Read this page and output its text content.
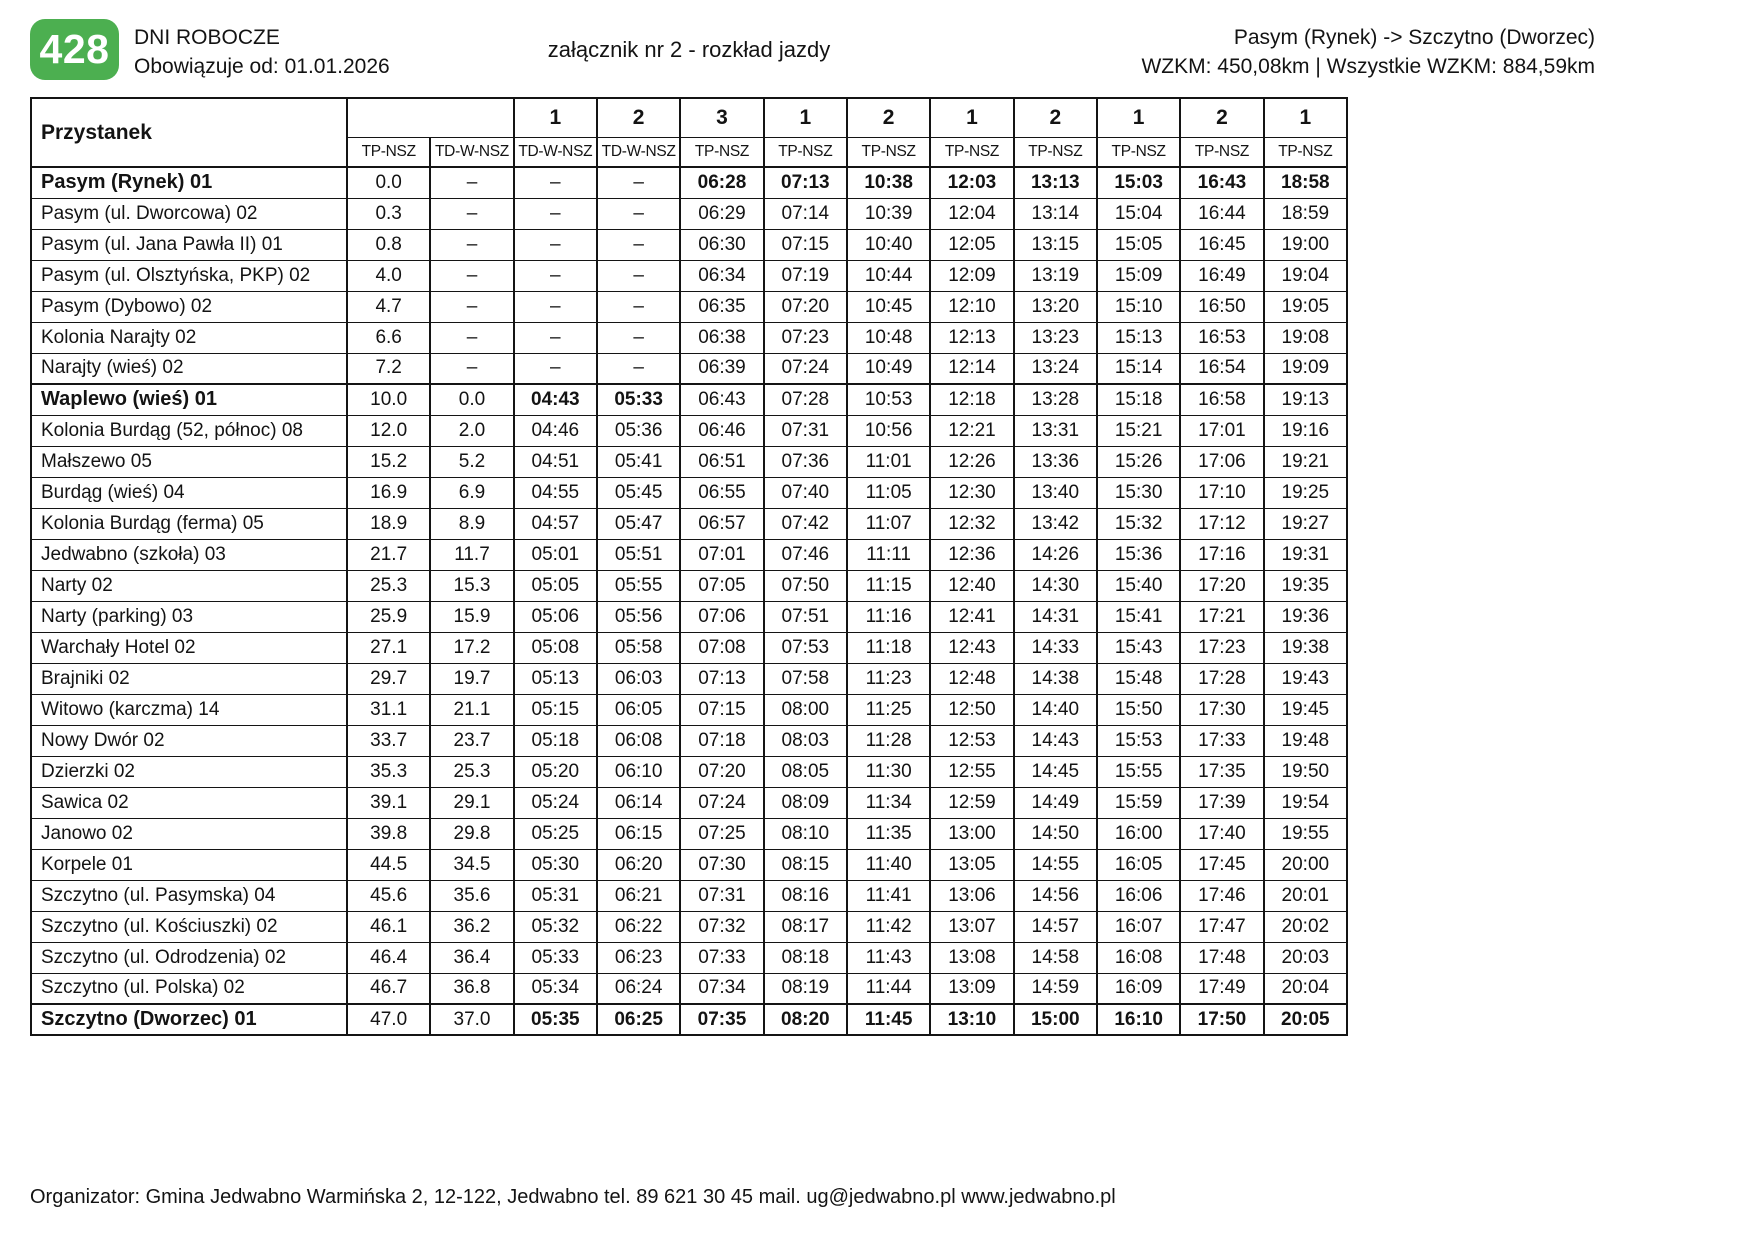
428 DNI ROBOCZE
Obowiązuje od: 01.01.2026
załącznik nr 2 - rozkład jazdy	Pasym (Rynek) -> Szczytno (Dworzec)
WZKM: 450,08km | Wszystkie WZKM: 884,59km
Przystanek			1	2	3	1	2	1	2	1	2	1
	TP-NSZ	TD-W-NSZ	TD-W-NSZ	TD-W-NSZ	TP-NSZ	TP-NSZ	TP-NSZ	TP-NSZ	TP-NSZ	TP-NSZ	TP-NSZ	TP-NSZ
Pasym (Rynek) 01	0.0	–	–	–	06:28	07:13	10:38	12:03	13:13	15:03	16:43	18:58
Pasym (ul. Dworcowa) 02	0.3	–	–	–	06:29	07:14	10:39	12:04	13:14	15:04	16:44	18:59
Pasym (ul. Jana Pawła II) 01	0.8	–	–	–	06:30	07:15	10:40	12:05	13:15	15:05	16:45	19:00
Pasym (ul. Olsztyńska, PKP) 02	4.0	–	–	–	06:34	07:19	10:44	12:09	13:19	15:09	16:49	19:04
Pasym (Dybowo) 02	4.7	–	–	–	06:35	07:20	10:45	12:10	13:20	15:10	16:50	19:05
Kolonia Narajty 02	6.6	–	–	–	06:38	07:23	10:48	12:13	13:23	15:13	16:53	19:08
Narajty (wieś) 02	7.2	–	–	–	06:39	07:24	10:49	12:14	13:24	15:14	16:54	19:09
Waplewo (wieś) 01	10.0	0.0	04:43	05:33	06:43	07:28	10:53	12:18	13:28	15:18	16:58	19:13
Kolonia Burdąg (52, północ) 08	12.0	2.0	04:46	05:36	06:46	07:31	10:56	12:21	13:31	15:21	17:01	19:16
Małszewo 05	15.2	5.2	04:51	05:41	06:51	07:36	11:01	12:26	13:36	15:26	17:06	19:21
Burdąg (wieś) 04	16.9	6.9	04:55	05:45	06:55	07:40	11:05	12:30	13:40	15:30	17:10	19:25
Kolonia Burdąg (ferma) 05	18.9	8.9	04:57	05:47	06:57	07:42	11:07	12:32	13:42	15:32	17:12	19:27
Jedwabno (szkoła) 03	21.7	11.7	05:01	05:51	07:01	07:46	11:11	12:36	14:26	15:36	17:16	19:31
Narty 02	25.3	15.3	05:05	05:55	07:05	07:50	11:15	12:40	14:30	15:40	17:20	19:35
Narty (parking) 03	25.9	15.9	05:06	05:56	07:06	07:51	11:16	12:41	14:31	15:41	17:21	19:36
Warchały Hotel 02	27.1	17.2	05:08	05:58	07:08	07:53	11:18	12:43	14:33	15:43	17:23	19:38
Brajniki 02	29.7	19.7	05:13	06:03	07:13	07:58	11:23	12:48	14:38	15:48	17:28	19:43
Witowo (karczma) 14	31.1	21.1	05:15	06:05	07:15	08:00	11:25	12:50	14:40	15:50	17:30	19:45
Nowy Dwór 02	33.7	23.7	05:18	06:08	07:18	08:03	11:28	12:53	14:43	15:53	17:33	19:48
Dzierzki 02	35.3	25.3	05:20	06:10	07:20	08:05	11:30	12:55	14:45	15:55	17:35	19:50
Sawica 02	39.1	29.1	05:24	06:14	07:24	08:09	11:34	12:59	14:49	15:59	17:39	19:54
Janowo 02	39.8	29.8	05:25	06:15	07:25	08:10	11:35	13:00	14:50	16:00	17:40	19:55
Korpele 01	44.5	34.5	05:30	06:20	07:30	08:15	11:40	13:05	14:55	16:05	17:45	20:00
Szczytno (ul. Pasymska) 04	45.6	35.6	05:31	06:21	07:31	08:16	11:41	13:06	14:56	16:06	17:46	20:01
Szczytno (ul. Kościuszki) 02	46.1	36.2	05:32	06:22	07:32	08:17	11:42	13:07	14:57	16:07	17:47	20:02
Szczytno (ul. Odrodzenia) 02	46.4	36.4	05:33	06:23	07:33	08:18	11:43	13:08	14:58	16:08	17:48	20:03
Szczytno (ul. Polska) 02	46.7	36.8	05:34	06:24	07:34	08:19	11:44	13:09	14:59	16:09	17:49	20:04
Szczytno (Dworzec) 01	47.0	37.0	05:35	06:25	07:35	08:20	11:45	13:10	15:00	16:10	17:50	20:05
Organizator: Gmina Jedwabno Warmińska 2, 12-122, Jedwabno tel. 89 621 30 45 mail. ug@jedwabno.pl www.jedwabno.pl
